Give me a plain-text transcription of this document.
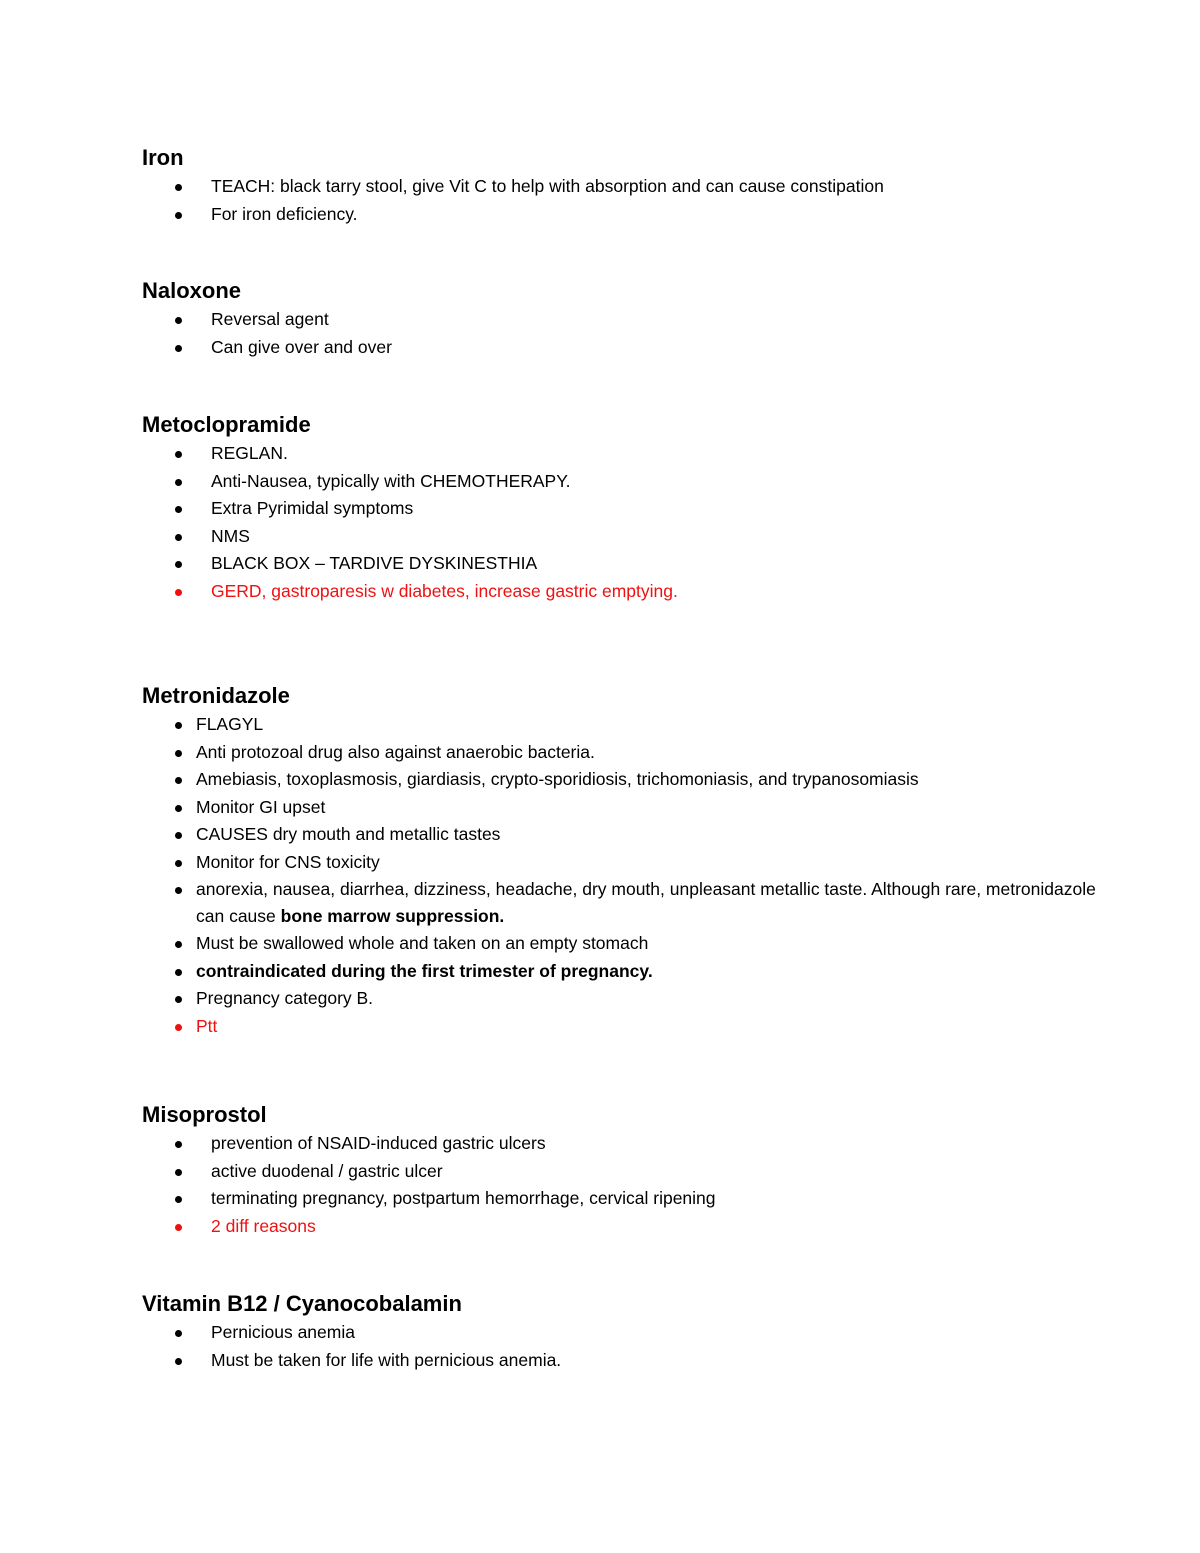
Iron
TEACH: black tarry stool, give Vit C to help with absorption and can cause constipation
For iron deficiency.
Naloxone
Reversal agent
Can give over and over
Metoclopramide
REGLAN.
Anti-Nausea, typically with CHEMOTHERAPY.
Extra Pyrimidal symptoms
NMS
BLACK BOX – TARDIVE DYSKINESTHIA
GERD, gastroparesis w diabetes, increase gastric emptying.
Metronidazole
FLAGYL
Anti protozoal drug also against anaerobic bacteria.
Amebiasis, toxoplasmosis, giardiasis, crypto-sporidiosis, trichomoniasis, and trypanosomiasis
Monitor GI upset
CAUSES dry mouth and metallic tastes
Monitor for CNS toxicity
anorexia, nausea, diarrhea, dizziness, headache, dry mouth, unpleasant metallic taste. Although rare, metronidazole can cause bone marrow suppression.
Must be swallowed whole and taken on an empty stomach
contraindicated during the first trimester of pregnancy.
Pregnancy category B.
Ptt
Misoprostol
prevention of NSAID-induced gastric ulcers
active duodenal / gastric ulcer
terminating pregnancy, postpartum hemorrhage, cervical ripening
2 diff reasons
Vitamin B12 / Cyanocobalamin
Pernicious anemia
Must be taken for life with pernicious anemia.
